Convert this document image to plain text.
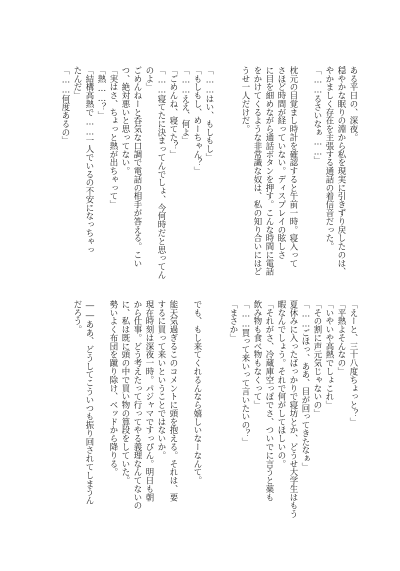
ある平日の、深夜。
穏やかな眠りの淵から私を現実に引きずり戻したのは、
やかましく存在を主張する通話の着信音だった。
「……るさいなぁ……」

枕元の目覚まし時計を確認すると午前一時。寝入って
さほど時間が経っていない。ディスプレイの眩しさ
に目を細めながら通話ボタンを押す。こんな時間に電話
をかけてくるような非常識な奴は、私の知り合いにはど
うせ一人だけだ。

「……はい、もしもし」
「もしもし、めーちゃん？」
「……ええ、何よ」
「ごめんね、寝てた？」
「……寝てたに決まってんでしょ、今何時だと思ってん
のよ」
ごめんねーと呑気な口調で電話の相手が答える。こい
つ、絶対悪いと思ってない。
「実はさ、ちょっと熱が出ちゃって」
「熱……？」
「結構高熱で……一人でいるの不安になっちゃっ
たんだ」
「……何度あるの」
「えーと、三十八度ちょっと？」
「平熱よそんなの」
「いやいや高熱でしょこれ」
「その割に声元気じゃないの」
「……ごほっ、ああ、目が回ってきたなぁ」
夏休みに入ったばっかりで寝坊とか、どうせ大学生はもう
暇なんでしょう。それで何がしてほしいの。
「それがさ、冷蔵庫空っぽでさ、ついでに言うと薬も
飲み物も食べ物もなくって」
「……買って来いって言いたいの？」
「まさか」

でも、もし来てくれるんなら嬉しいなーなんて。

能天気過ぎるこのコメントに頭を抱える。それは、要
するに買って来いということではないか。
現在時刻は深夜一時。パジャマですっぴん。明日も朝
から仕事。どう考えたって行ってやる義理なんてないの
に、私は既に頭の中で買い物の算段をしていた。
勢いよく布団を蹴り除け、ベッドから降りる。

――ああ、どうしてこういつも振り回されてしまうん
だろう。
